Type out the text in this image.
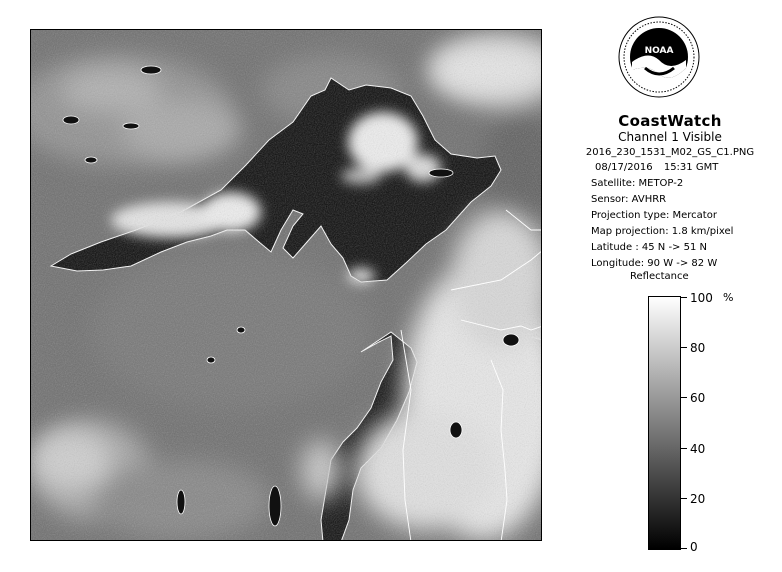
NOAA

CoastWatch

Channel 1 Visible

2016_230_1531_M02_GS_C1.PNG

08/17/2016 15:31 GMT
Satellite: METOP-2
Sensor: AVHRR
Projection type: Mercator
Map projection: 1.8 km/pixel
Latitude : 45 N -> 51 N
Longitude: 90 W -> 82 W
Reflectance
%
100
80
60
40
20
0
